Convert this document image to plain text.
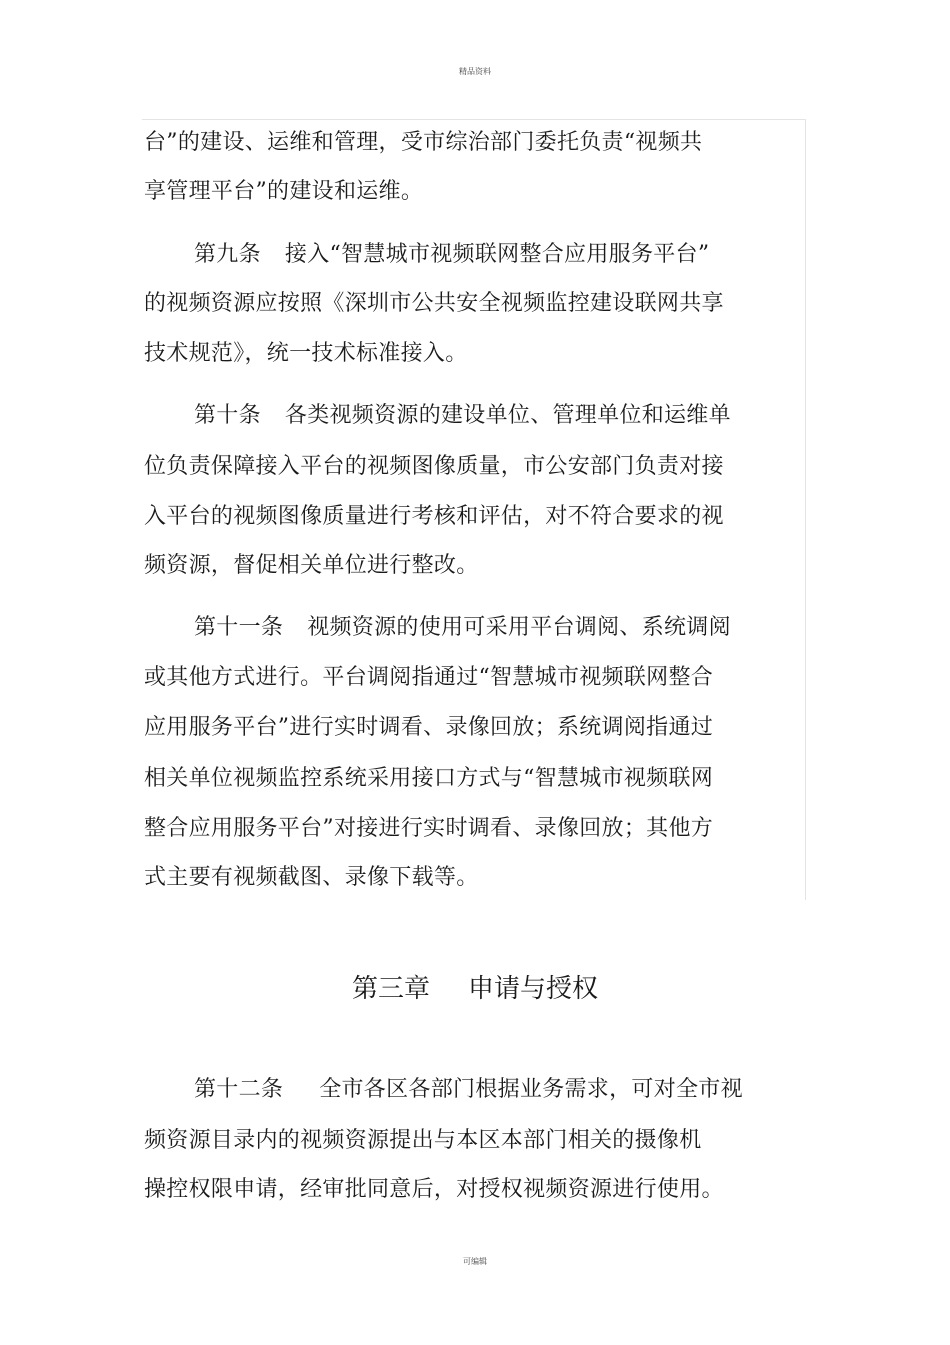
精品资料
台”的建设、运维和管理，受市综治部门委托负责“视频共
享管理平台”的建设和运维。
第九条 接入“智慧城市视频联网整合应用服务平台”
的视频资源应按照《深圳市公共安全视频监控建设联网共享
技术规范》，统一技术标准接入。
第十条 各类视频资源的建设单位、管理单位和运维单
位负责保障接入平台的视频图像质量，市公安部门负责对接
入平台的视频图像质量进行考核和评估，对不符合要求的视
频资源，督促相关单位进行整改。
第十一条 视频资源的使用可采用平台调阅、系统调阅
或其他方式进行。平台调阅指通过“智慧城市视频联网整合
应用服务平台”进行实时调看、录像回放；系统调阅指通过
相关单位视频监控系统采用接口方式与“智慧城市视频联网
整合应用服务平台”对接进行实时调看、录像回放；其他方
式主要有视频截图、录像下载等。
第三章 申请与授权
第十二条 全市各区各部门根据业务需求，可对全市视
频资源目录内的视频资源提出与本区本部门相关的摄像机
操控权限申请，经审批同意后，对授权视频资源进行使用。
可编辑
